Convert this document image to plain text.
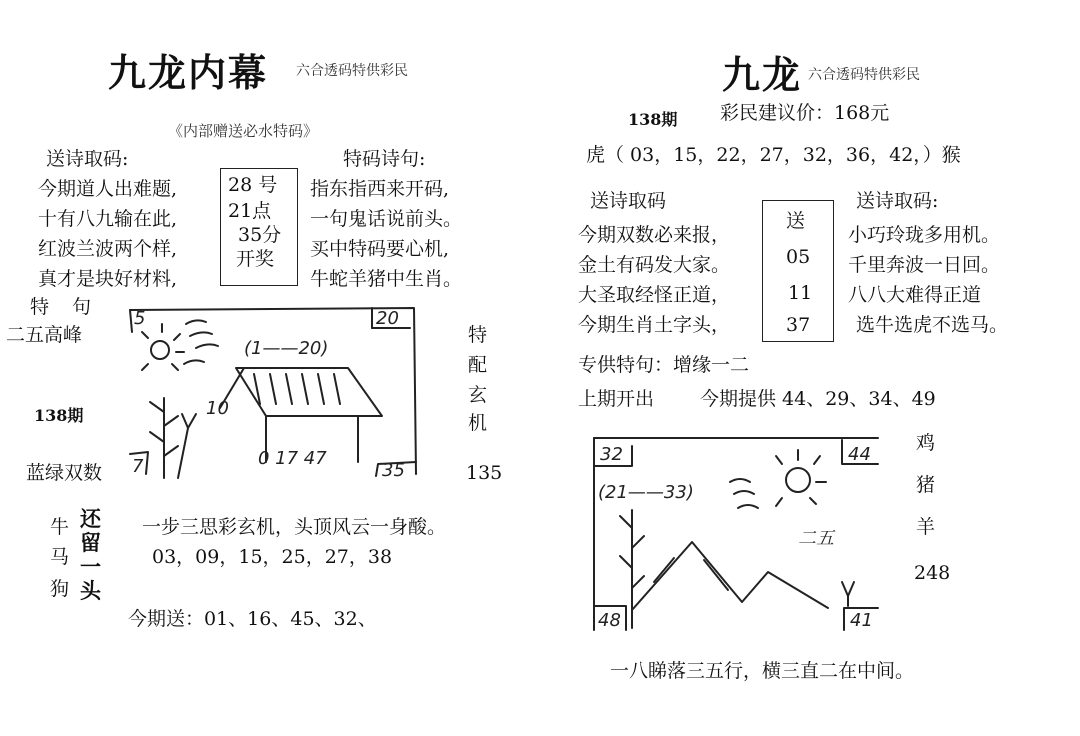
九龙内幕 六合透码特供彩民
《内部赠送必水特码》
送诗取码:	特码诗句:
今期道人出难题,
十有八九输在此,
红波兰波两个样,
真才是块好材料,
28 号
21点
35分
开奖
指东指西来开码,
一句鬼话说前头。
买中特码要心机,
牛蛇羊猪中生肖。
特 句
二五高峰
138期
蓝绿双数
5	20
7	35
(1——20)
10
0 17 47
特
配
玄
机
135
牛
马
狗
还
留
一
头
一步三思彩玄机，头顶风云一身酸。
03，09，15，25，27，38
今期送：01、16、45、32、
九龙 六合透码特供彩民
138期 彩民建议价：168元
虎（ 03，15，22，27，32，36，42，）猴
送诗取码	送诗取码:
今期双数必来报，
金土有码发大家。
大圣取经怪正道，
今期生肖土字头，
送
05
11
37
小巧玲珑多用机。
千里奔波一日回。
八八大难得正道
选牛选虎不选马。
专供特句：增缘一二
上期开出 今期提供 44、29、34、49
32	44
48	41
(21——33)
二五
鸡
猪
羊
248
一八睇落三五行，横三直二在中间。
